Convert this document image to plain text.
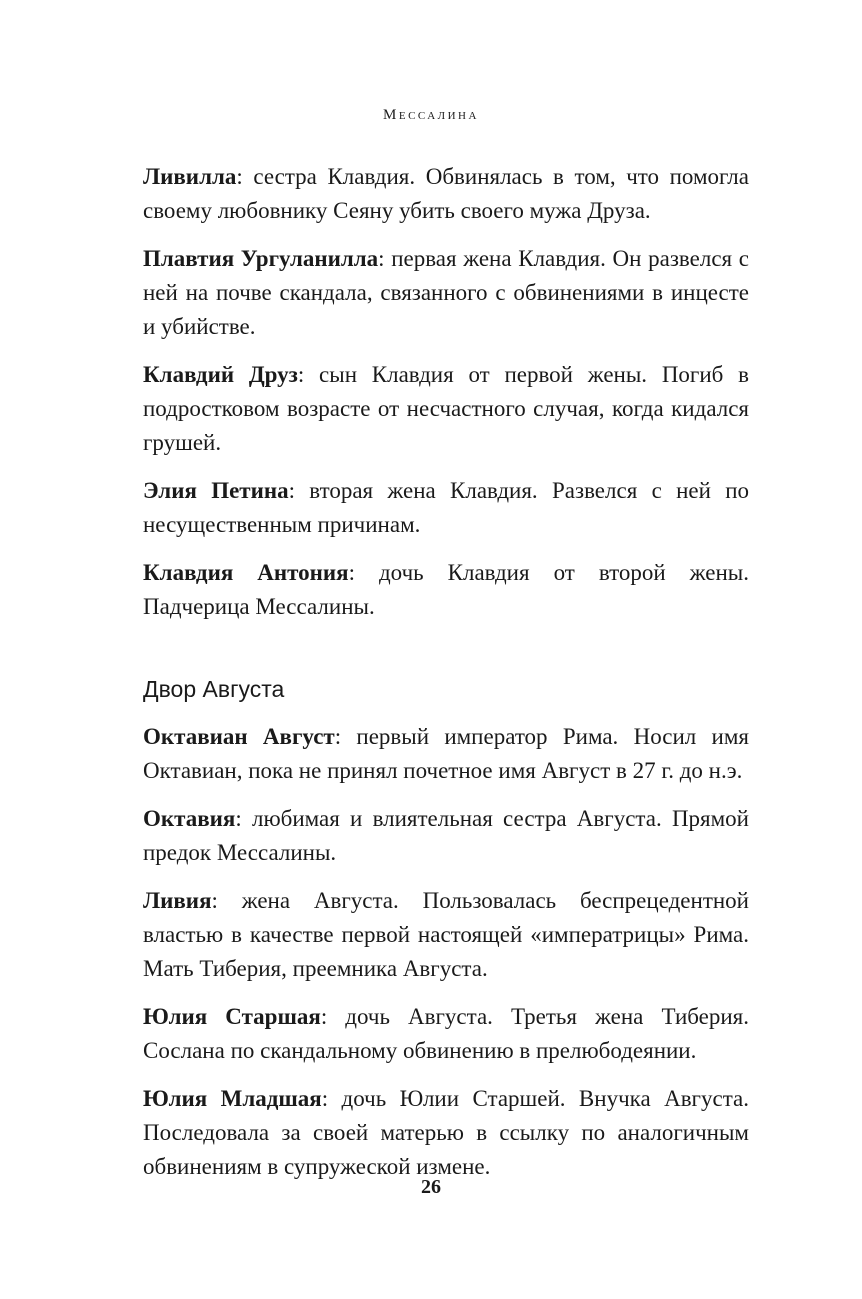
Мессалина

Ливилла: сестра Клавдия. Обвинялась в том, что помогла своему любовнику Сеяну убить своего мужа Друза.

Плавтия Ургуланилла: первая жена Клавдия. Он развелся с ней на почве скандала, связанного с обвинениями в инцесте и убийстве.

Клавдий Друз: сын Клавдия от первой жены. Погиб в подростковом возрасте от несчастного случая, когда кидался грушей.

Элия Петина: вторая жена Клавдия. Развелся с ней по несущественным причинам.

Клавдия Антония: дочь Клавдия от второй жены. Падчерица Мессалины.

Двор Августа

Октавиан Август: первый император Рима. Носил имя Октавиан, пока не принял почетное имя Август в 27 г. до н.э.

Октавия: любимая и влиятельная сестра Августа. Прямой предок Мессалины.

Ливия: жена Августа. Пользовалась беспрецедентной властью в качестве первой настоящей «императрицы» Рима. Мать Тиберия, преемника Августа.

Юлия Старшая: дочь Августа. Третья жена Тиберия. Сослана по скандальному обвинению в прелюбодеянии.

Юлия Младшая: дочь Юлии Старшей. Внучка Августа. Последовала за своей матерью в ссылку по аналогичным обвинениям в супружеской измене.

26
